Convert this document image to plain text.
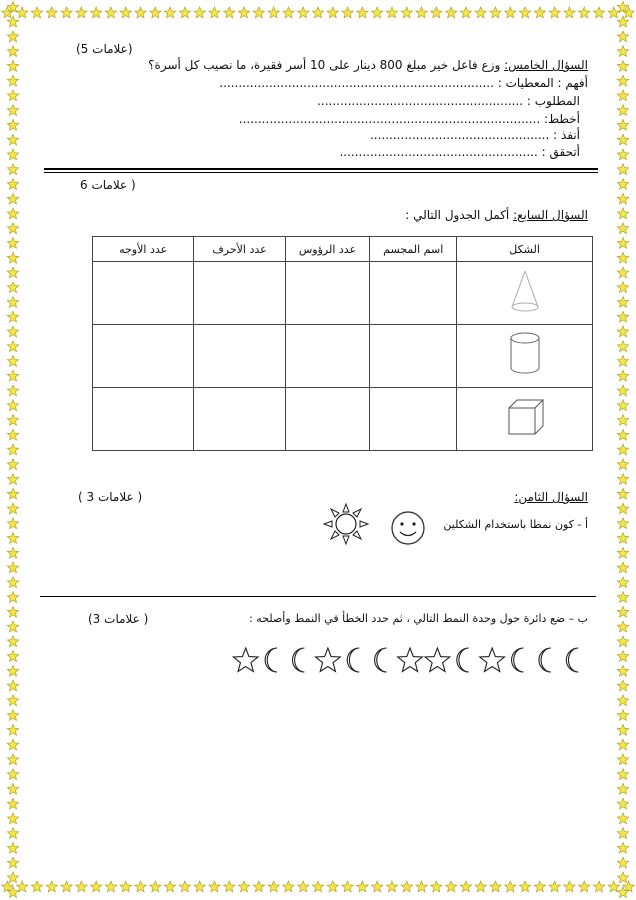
(5 علامات)
السؤال الخامس: وزع فاعل خير مبلغ 800 دينار على 10 أسر فقيرة، ما نصيب كل أسرة؟
أفهم : المعطيات : ........................................................................
المطلوب : ......................................................
أخطط: ...............................................................................
أنفذ : ...............................................
أتحقق : ....................................................
6 علامات )
السؤال السابع: أكمل الجدول التالي :
الشكل	اسم المجسم	عدد الرؤوس	عدد الأحرف	عدد الأوجه

( 3 علامات )	السؤال الثامن:
أ - كون نمطا باستخدام الشكلين
(3 علامات )	ب – ضع دائرة حول وحدة النمط التالي ، ثم حدد الخطأ في النمط وأصلحه :
